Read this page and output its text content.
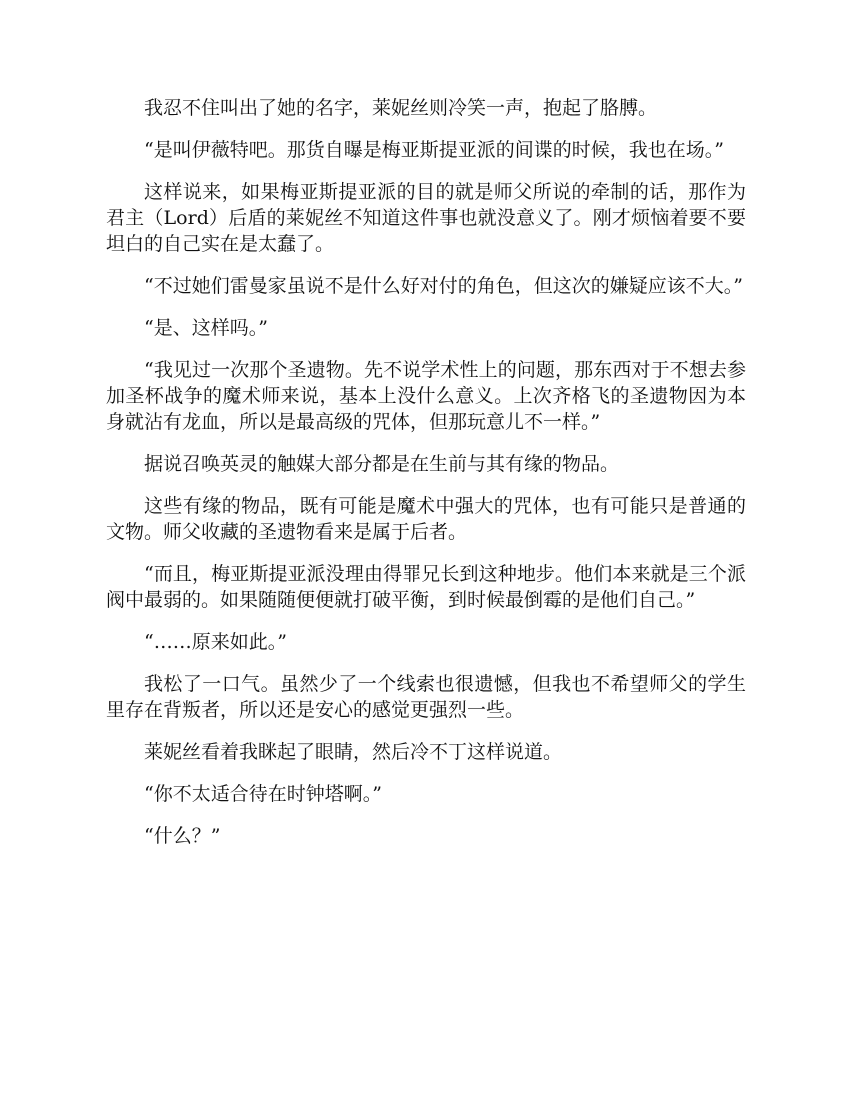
我忍不住叫出了她的名字，莱妮丝则冷笑一声，抱起了胳膊。

“是叫伊薇特吧。那货自曝是梅亚斯提亚派的间谍的时候，我也在场。”

这样说来，如果梅亚斯提亚派的目的就是师父所说的牵制的话，那作为君主（Lord）后盾的莱妮丝不知道这件事也就没意义了。刚才烦恼着要不要坦白的自己实在是太蠢了。

“不过她们雷曼家虽说不是什么好对付的角色，但这次的嫌疑应该不大。”

“是、这样吗。”

“我见过一次那个圣遗物。先不说学术性上的问题，那东西对于不想去参加圣杯战争的魔术师来说，基本上没什么意义。上次齐格飞的圣遗物因为本身就沾有龙血，所以是最高级的咒体，但那玩意儿不一样。”

据说召唤英灵的触媒大部分都是在生前与其有缘的物品。

这些有缘的物品，既有可能是魔术中强大的咒体，也有可能只是普通的文物。师父收藏的圣遗物看来是属于后者。

“而且，梅亚斯提亚派没理由得罪兄长到这种地步。他们本来就是三个派阀中最弱的。如果随随便便就打破平衡，到时候最倒霉的是他们自己。”

“……原来如此。”

我松了一口气。虽然少了一个线索也很遗憾，但我也不希望师父的学生里存在背叛者，所以还是安心的感觉更强烈一些。

莱妮丝看着我眯起了眼睛，然后冷不丁这样说道。

“你不太适合待在时钟塔啊。”

“什么？”
